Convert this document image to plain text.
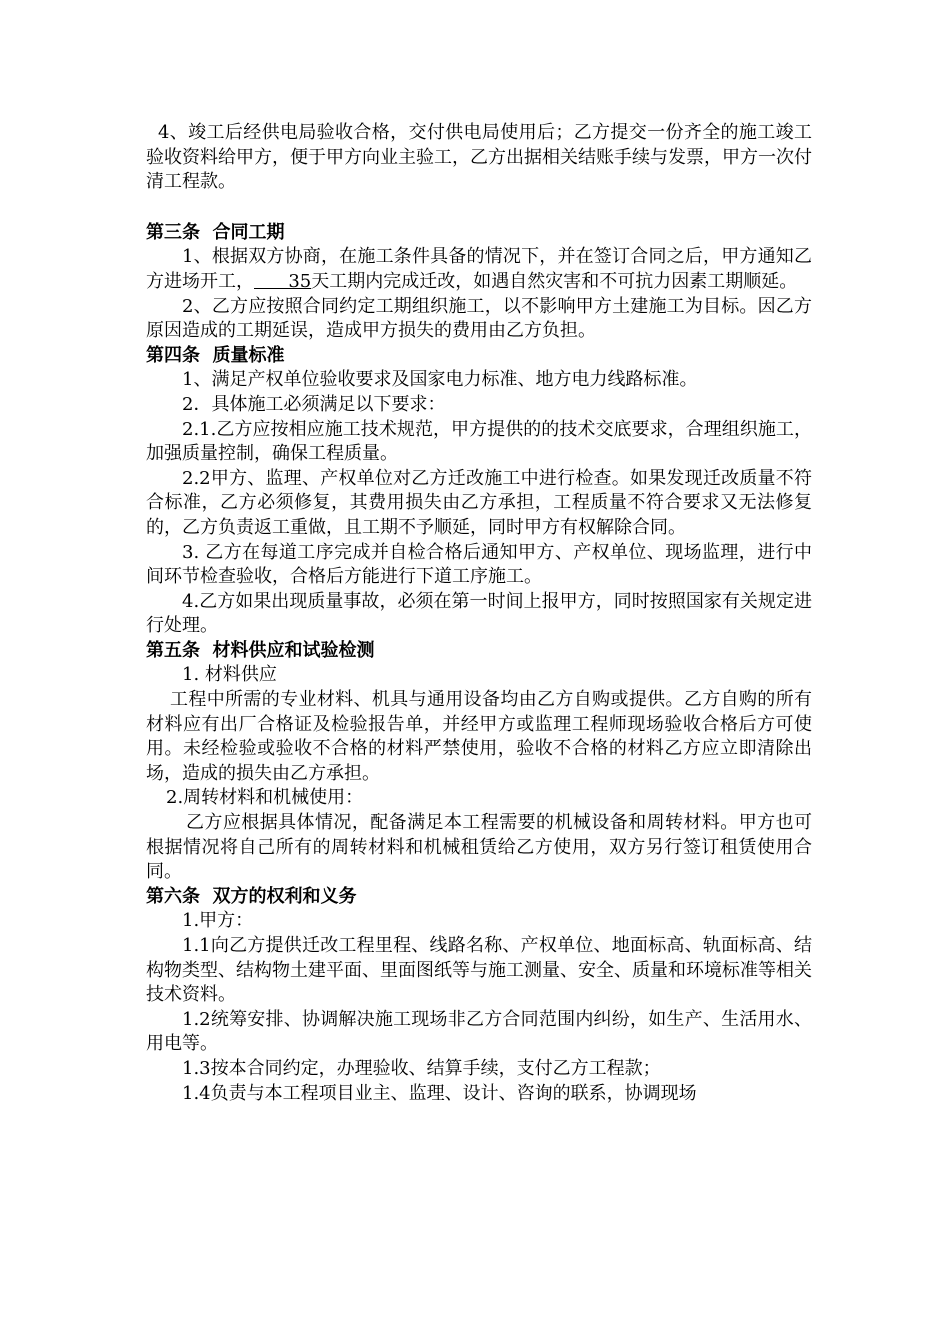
4、竣工后经供电局验收合格，交付供电局使用后；乙方提交一份齐全的施工竣工验收资料给甲方，便于甲方向业主验工，乙方出据相关结账手续与发票，甲方一次付清工程款。

第三条  合同工期

1、根据双方协商，在施工条件具备的情况下，并在签订合同之后，甲方通知乙方进场开工，      35天工期内完成迁改，如遇自然灾害和不可抗力因素工期顺延。

2、乙方应按照合同约定工期组织施工，以不影响甲方土建施工为目标。因乙方原因造成的工期延误，造成甲方损失的费用由乙方负担。

第四条  质量标准

1、满足产权单位验收要求及国家电力标准、地方电力线路标准。

2．具体施工必须满足以下要求：

2.1.乙方应按相应施工技术规范，甲方提供的的技术交底要求，合理组织施工，加强质量控制，确保工程质量。

2.2甲方、监理、产权单位对乙方迁改施工中进行检查。如果发现迁改质量不符合标准，乙方必须修复，其费用损失由乙方承担，工程质量不符合要求又无法修复的，乙方负责返工重做，且工期不予顺延，同时甲方有权解除合同。

3. 乙方在每道工序完成并自检合格后通知甲方、产权单位、现场监理，进行中间环节检查验收，合格后方能进行下道工序施工。

4.乙方如果出现质量事故，必须在第一时间上报甲方，同时按照国家有关规定进行处理。

第五条  材料供应和试验检测

1. 材料供应

工程中所需的专业材料、机具与通用设备均由乙方自购或提供。乙方自购的所有材料应有出厂合格证及检验报告单，并经甲方或监理工程师现场验收合格后方可使用。未经检验或验收不合格的材料严禁使用，验收不合格的材料乙方应立即清除出场，造成的损失由乙方承担。

2.周转材料和机械使用：

乙方应根据具体情况，配备满足本工程需要的机械设备和周转材料。甲方也可根据情况将自己所有的周转材料和机械租赁给乙方使用，双方另行签订租赁使用合同。

第六条  双方的权利和义务

1.甲方：

1.1向乙方提供迁改工程里程、线路名称、产权单位、地面标高、轨面标高、结构物类型、结构物土建平面、里面图纸等与施工测量、安全、质量和环境标准等相关技术资料。

1.2统筹安排、协调解决施工现场非乙方合同范围内纠纷，如生产、生活用水、用电等。

1.3按本合同约定，办理验收、结算手续，支付乙方工程款；

1.4负责与本工程项目业主、监理、设计、咨询的联系，协调现场
